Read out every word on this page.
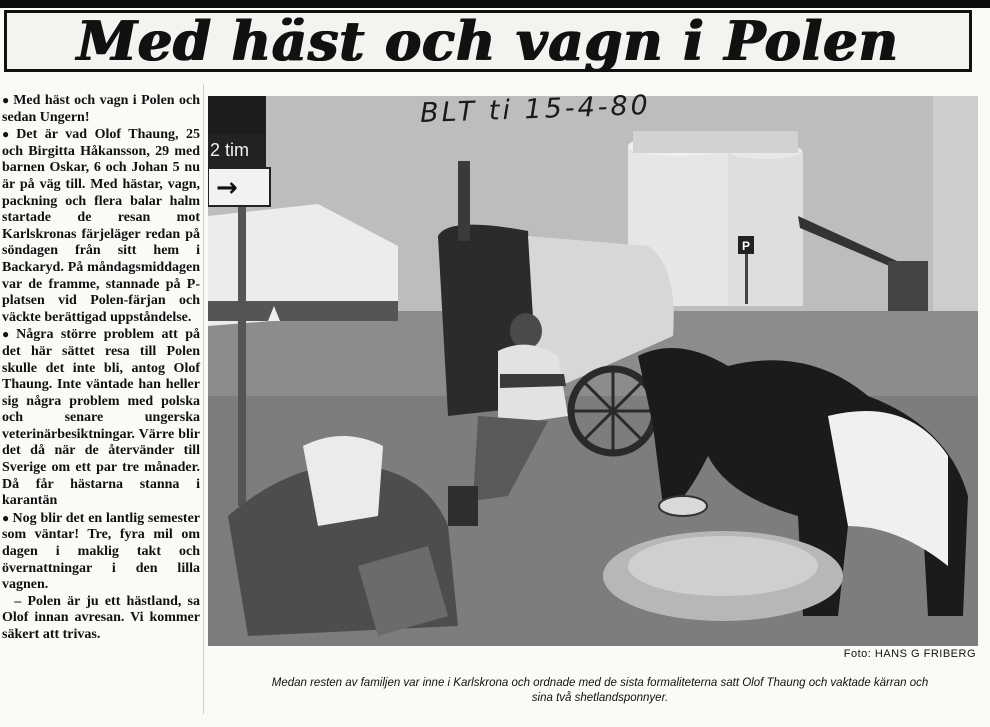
Med häst och vagn i Polen

● Med häst och vagn i Polen och sedan Ungern!

● Det är vad Olof Thaung, 25 och Birgitta Håkansson, 29 med barnen Oskar, 6 och Johan 5 nu är på väg till. Med hästar, vagn, packning och flera balar halm startade de resan mot Karlskronas färjeläger redan på söndagen från sitt hem i Backaryd. På måndagsmiddagen var de framme, stannade på P-platsen vid Polen-färjan och väckte berättigad uppståndelse.

● Några större problem att på det här sättet resa till Polen skulle det inte bli, antog Olof Thaung. Inte väntade han heller sig några problem med polska och senare ungerska veterinärbesiktningar. Värre blir det då när de återvänder till Sverige om ett par tre månader. Då får hästarna stanna i karantän

● Nog blir det en lantlig semester som väntar! Tre, fyra mil om dagen i maklig takt och övernattningar i den lilla vagnen.

– Polen är ju ett hästland, sa Olof innan avresan. Vi kommer säkert att trivas.

P
2 tim
→
BLT ti 15-4-80
Foto: HANS G FRIBERG
Medan resten av familjen var inne i Karlskrona och ordnade med de sista formaliteterna satt Olof Thaung och vaktade kärran och sina två shetlandsponnyer.
